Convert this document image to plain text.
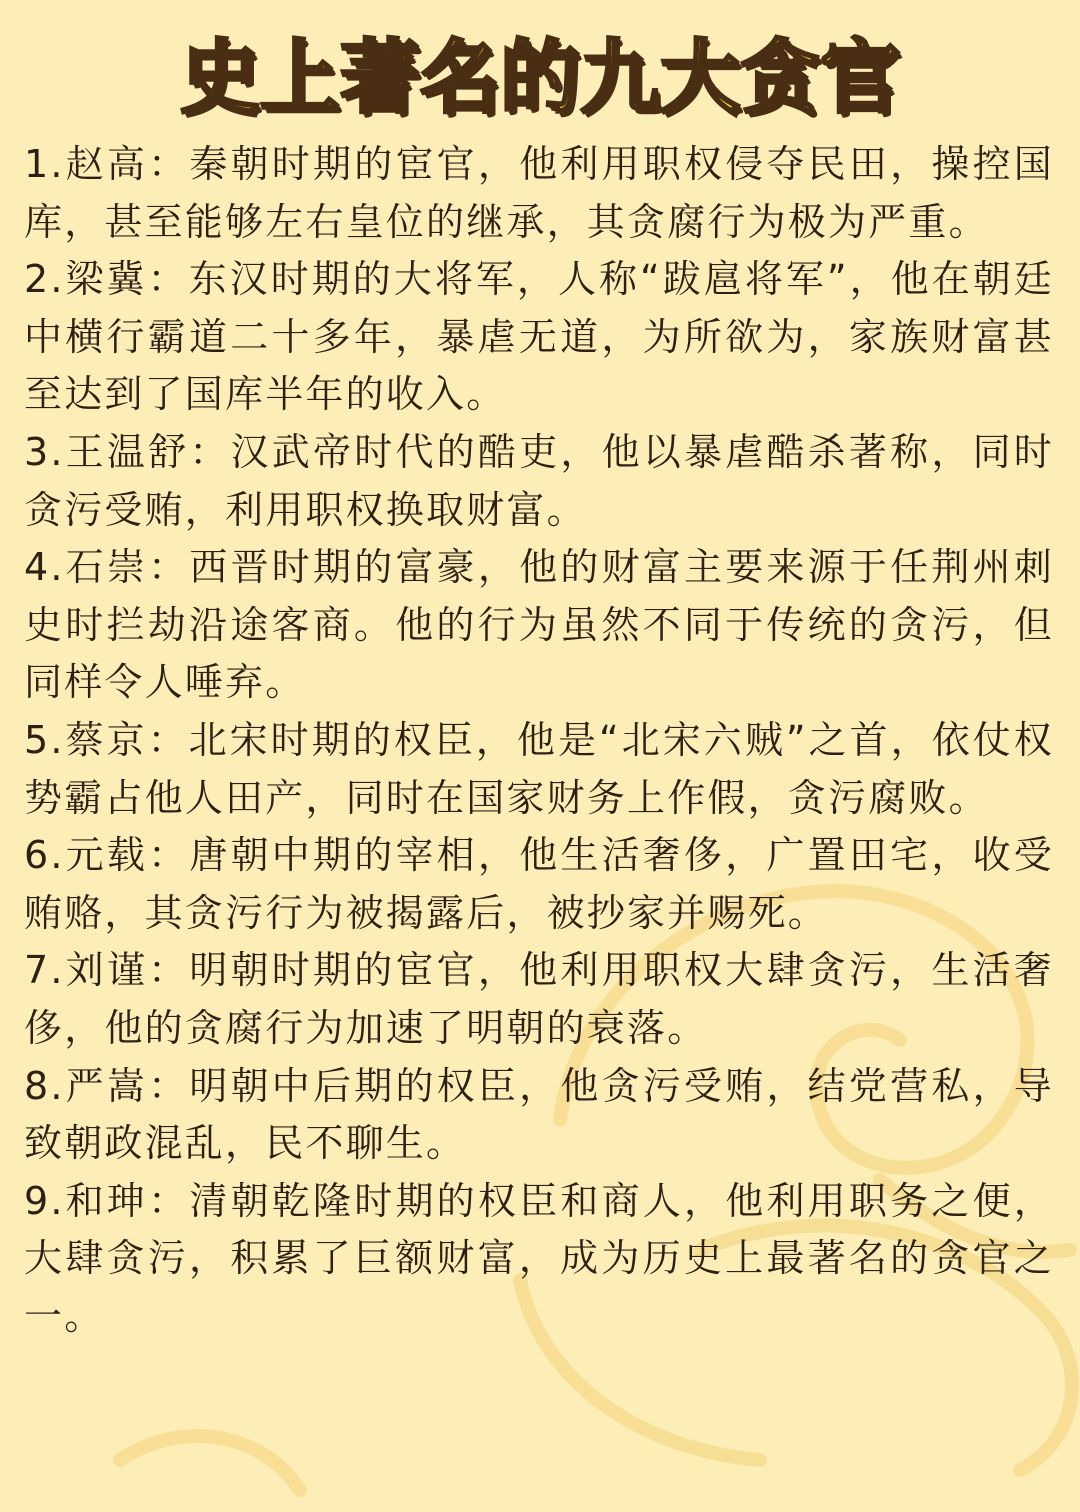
史上著名的九大贪官

1.赵高：秦朝时期的宦官，他利用职权侵夺民田，操控国库，甚至能够左右皇位的继承，其贪腐行为极为严重。

2.梁冀：东汉时期的大将军，人称“跋扈将军”，他在朝廷中横行霸道二十多年，暴虐无道，为所欲为，家族财富甚至达到了国库半年的收入。

3.王温舒：汉武帝时代的酷吏，他以暴虐酷杀著称，同时贪污受贿，利用职权换取财富。

4.石崇：西晋时期的富豪，他的财富主要来源于任荆州刺史时拦劫沿途客商。他的行为虽然不同于传统的贪污，但同样令人唾弃。

5.蔡京：北宋时期的权臣，他是“北宋六贼”之首，依仗权势霸占他人田产，同时在国家财务上作假，贪污腐败。

6.元载：唐朝中期的宰相，他生活奢侈，广置田宅，收受贿赂，其贪污行为被揭露后，被抄家并赐死。

7.刘谨：明朝时期的宦官，他利用职权大肆贪污，生活奢侈，他的贪腐行为加速了明朝的衰落。

8.严嵩：明朝中后期的权臣，他贪污受贿，结党营私，导致朝政混乱，民不聊生。

9.和珅：清朝乾隆时期的权臣和商人，他利用职务之便，大肆贪污，积累了巨额财富，成为历史上最著名的贪官之一。
